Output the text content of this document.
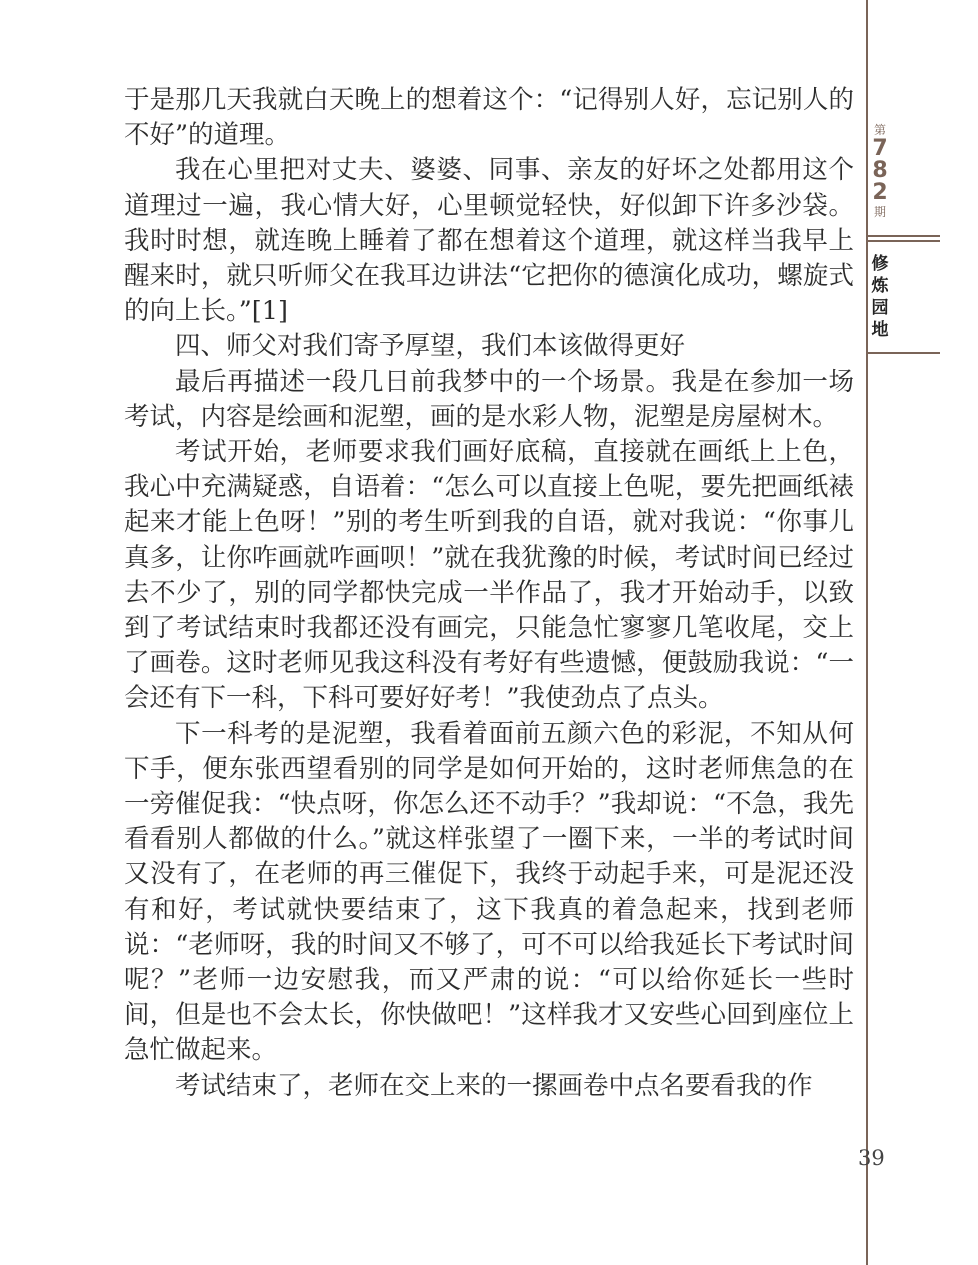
于是那几天我就白天晚上的想着这个：“记得别人好，忘记别人的不好”的道理。

我在心里把对丈夫、婆婆、同事、亲友的好坏之处都用这个道理过一遍，我心情大好，心里顿觉轻快，好似卸下许多沙袋。我时时想，就连晚上睡着了都在想着这个道理，就这样当我早上醒来时，就只听师父在我耳边讲法“它把你的德演化成功，螺旋式的向上长。”[1]

四、师父对我们寄予厚望，我们本该做得更好

最后再描述一段几日前我梦中的一个场景。我是在参加一场考试，内容是绘画和泥塑，画的是水彩人物，泥塑是房屋树木。

考试开始，老师要求我们画好底稿，直接就在画纸上上色，我心中充满疑惑，自语着：“怎么可以直接上色呢，要先把画纸裱起来才能上色呀！”别的考生听到我的自语，就对我说：“你事儿真多，让你咋画就咋画呗！”就在我犹豫的时候，考试时间已经过去不少了，别的同学都快完成一半作品了，我才开始动手，以致到了考试结束时我都还没有画完，只能急忙寥寥几笔收尾，交上了画卷。这时老师见我这科没有考好有些遗憾，便鼓励我说：“一会还有下一科，下科可要好好考！”我使劲点了点头。

下一科考的是泥塑，我看着面前五颜六色的彩泥，不知从何下手，便东张西望看别的同学是如何开始的，这时老师焦急的在一旁催促我：“快点呀，你怎么还不动手？”我却说：“不急，我先看看别人都做的什么。”就这样张望了一圈下来，一半的考试时间又没有了，在老师的再三催促下，我终于动起手来，可是泥还没有和好，考试就快要结束了，这下我真的着急起来，找到老师说：“老师呀，我的时间又不够了，可不可以给我延长下考试时间呢？”老师一边安慰我，而又严肃的说：“可以给你延长一些时间，但是也不会太长，你快做吧！”这样我才又安些心回到座位上急忙做起来。

考试结束了，老师在交上来的一摞画卷中点名要看我的作

第
7
8
2
期
修
炼
园
地
39
